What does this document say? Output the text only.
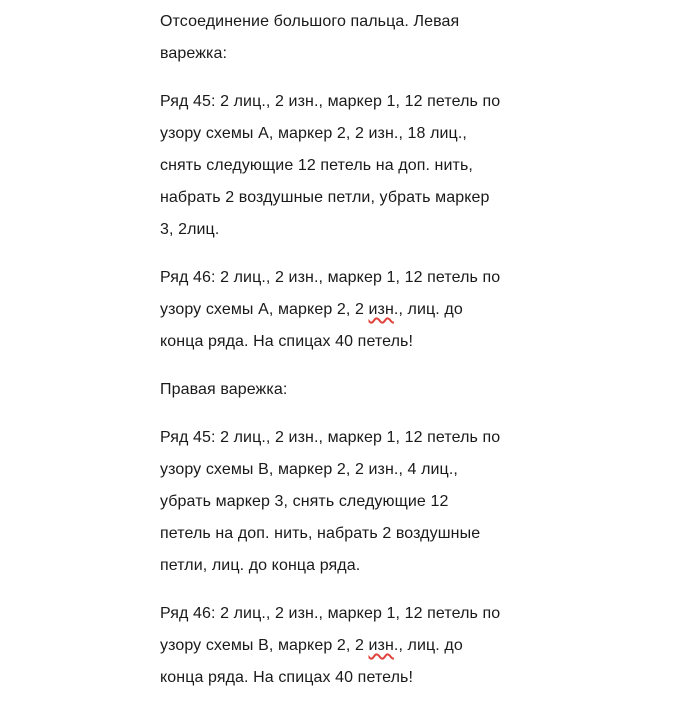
Отсоединение большого пальца. Левая
варежка:

Ряд 45: 2 лиц., 2 изн., маркер 1, 12 петель по
узору схемы А, маркер 2, 2 изн., 18 лиц.,
снять следующие 12 петель на доп. нить,
набрать 2 воздушные петли, убрать маркер
3, 2лиц.

Ряд 46: 2 лиц., 2 изн., маркер 1, 12 петель по
узору схемы А, маркер 2, 2 изн., лиц. до
конца ряда. На спицах 40 петель!

Правая варежка:

Ряд 45: 2 лиц., 2 изн., маркер 1, 12 петель по
узору схемы В, маркер 2, 2 изн., 4 лиц.,
убрать маркер 3, снять следующие 12
петель на доп. нить, набрать 2 воздушные
петли, лиц. до конца ряда.

Ряд 46: 2 лиц., 2 изн., маркер 1, 12 петель по
узору схемы В, маркер 2, 2 изн., лиц. до
конца ряда. На спицах 40 петель!
